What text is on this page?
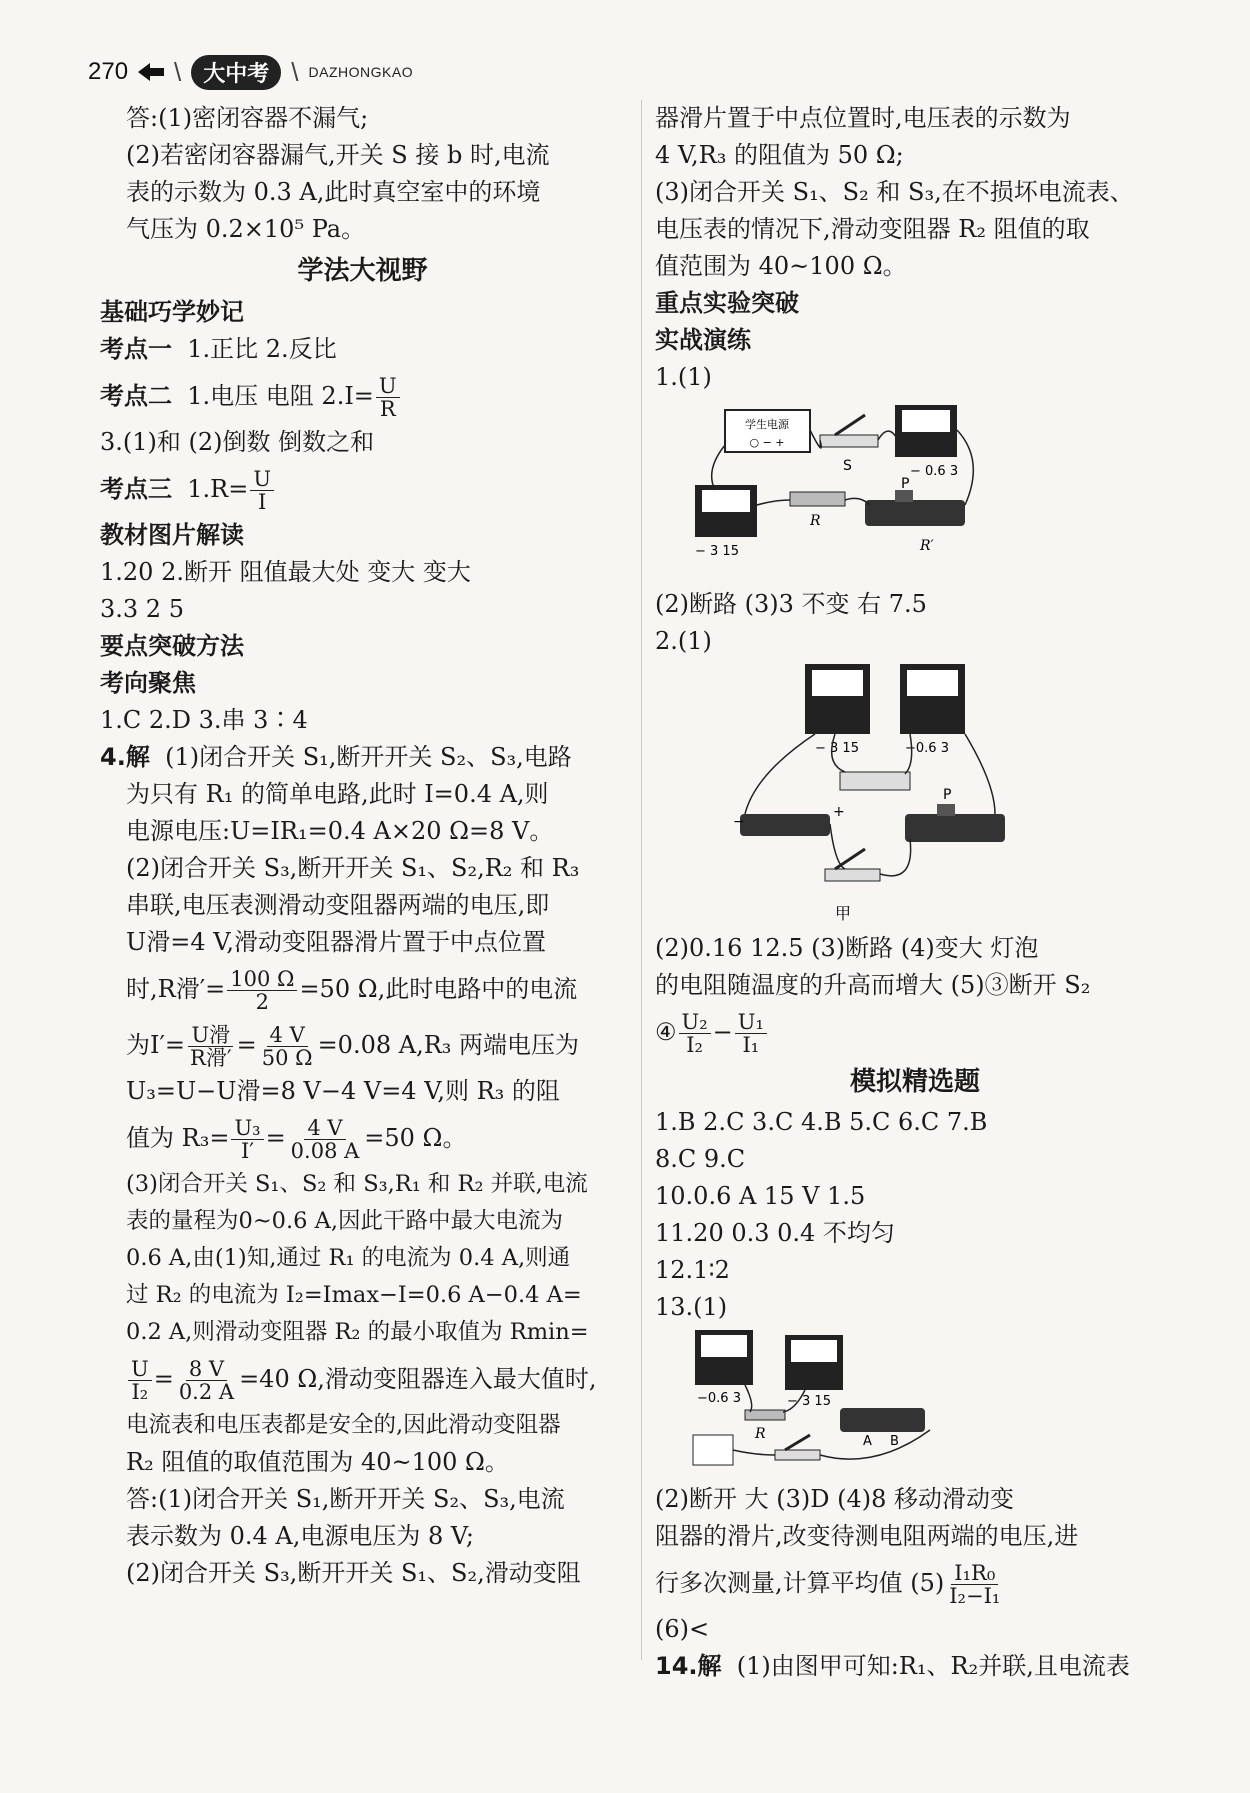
270 \	大中考 \ DAZHONGKAO
答:(1)密闭容器不漏气;
(2)若密闭容器漏气,开关 S 接 b 时,电流
表的示数为 0.3 A,此时真空室中的环境
气压为 0.2×10⁵ Pa。
学法大视野
基础巧学妙记
考点一 1.正比 2.反比
考点二 1.电压 电阻 $2.I= \frac{U}{R}$
3.(1)和 (2)倒数 倒数之和
考点三 $1.R= \frac{U}{I}$
教材图片解读
1.20 2.断开 阻值最大处 变大 变大
3.3 2 5
要点突破方法
考向聚焦
1.C 2.D 3.串 3∶4
4.解 (1)闭合开关 S₁,断开开关 S₂、S₃,电路
为只有 R₁ 的简单电路,此时 I=0.4 A,则
电源电压:U=IR₁=0.4 A×20 Ω=8 V。
(2)闭合开关 S₃,断开开关 S₁、S₂,R₂ 和 R₃
串联,电压表测滑动变阻器两端的电压,即
U滑=4 V,滑动变阻器滑片置于中点位置
时,R滑′= $\frac{100 \Omega}{2} =50$ Ω,此时电路中的电流
为$I'= \frac{\text{U滑}}{\text{R滑′}} = \frac{4 V}{50 \Omega} =0.08$ A,R₃ 两端电压为
U₃=U−U滑=8 V−4 V=4 V,则 R₃ 的阻
值为 $R_3= \frac{\text{U₃}}{I'} = \frac{4 V}{0.08 A} =50$ Ω。
(3)闭合开关 S₁、S₂ 和 S₃,R₁ 和 R₂ 并联,电流
表的量程为0~0.6 A,因此干路中最大电流为
0.6 A,由(1)知,通过 R₁ 的电流为 0.4 A,则通
过 R₂ 的电流为 I₂=Imax−I=0.6 A−0.4 A=
0.2 A,则滑动变阻器 R₂ 的最小取值为 Rmin=
$\frac{U}{\text{I₂}} = \frac{8 V}{0.2 A} =40$ Ω,滑动变阻器连入最大值时,
电流表和电压表都是安全的,因此滑动变阻器
R₂ 阻值的取值范围为 40~100 Ω。
答:(1)闭合开关 S₁,断开开关 S₂、S₃,电流
表示数为 0.4 A,电源电压为 8 V;
(2)闭合开关 S₃,断开开关 S₁、S₂,滑动变阻
器滑片置于中点位置时,电压表的示数为
4 V,R₃ 的阻值为 50 Ω;
(3)闭合开关 S₁、S₂ 和 S₃,在不损坏电流表、
电压表的情况下,滑动变阻器 R₂ 阻值的取
值范围为 40~100 Ω。
重点实验突破
实战演练
1.(1)
学生电源
○ − +
S	− 0.6 3
− 3 15
R
P
R′
(2)断路 (3)3 不变 右 7.5
2.(1)
− 3 15	−0.6 3
−
+
P
甲
(2)0.16 12.5 (3)断路 (4)变大 灯泡
的电阻随温度的升高而增大 (5)③断开 S₂
④ $\frac{\text{U₂}}{\text{I₂}} - \frac{\text{U₁}}{\text{I₁}}$
模拟精选题
1.B 2.C 3.C 4.B 5.C 6.C 7.B
8.C 9.C
10.0.6 A 15 V 1.5
11.20 0.3 0.4 不均匀
12.1∶2
13.(1)
−0.6 3	− 3 15
R	A B
(2)断开 大 (3)D (4)8 移动滑动变
阻器的滑片,改变待测电阻两端的电压,进
行多次测量,计算平均值 $(5) \frac{\text{I₁R₀}}{\text{I₂−I₁}}$
(6)<
14.解 (1)由图甲可知:R₁、R₂并联,且电流表
